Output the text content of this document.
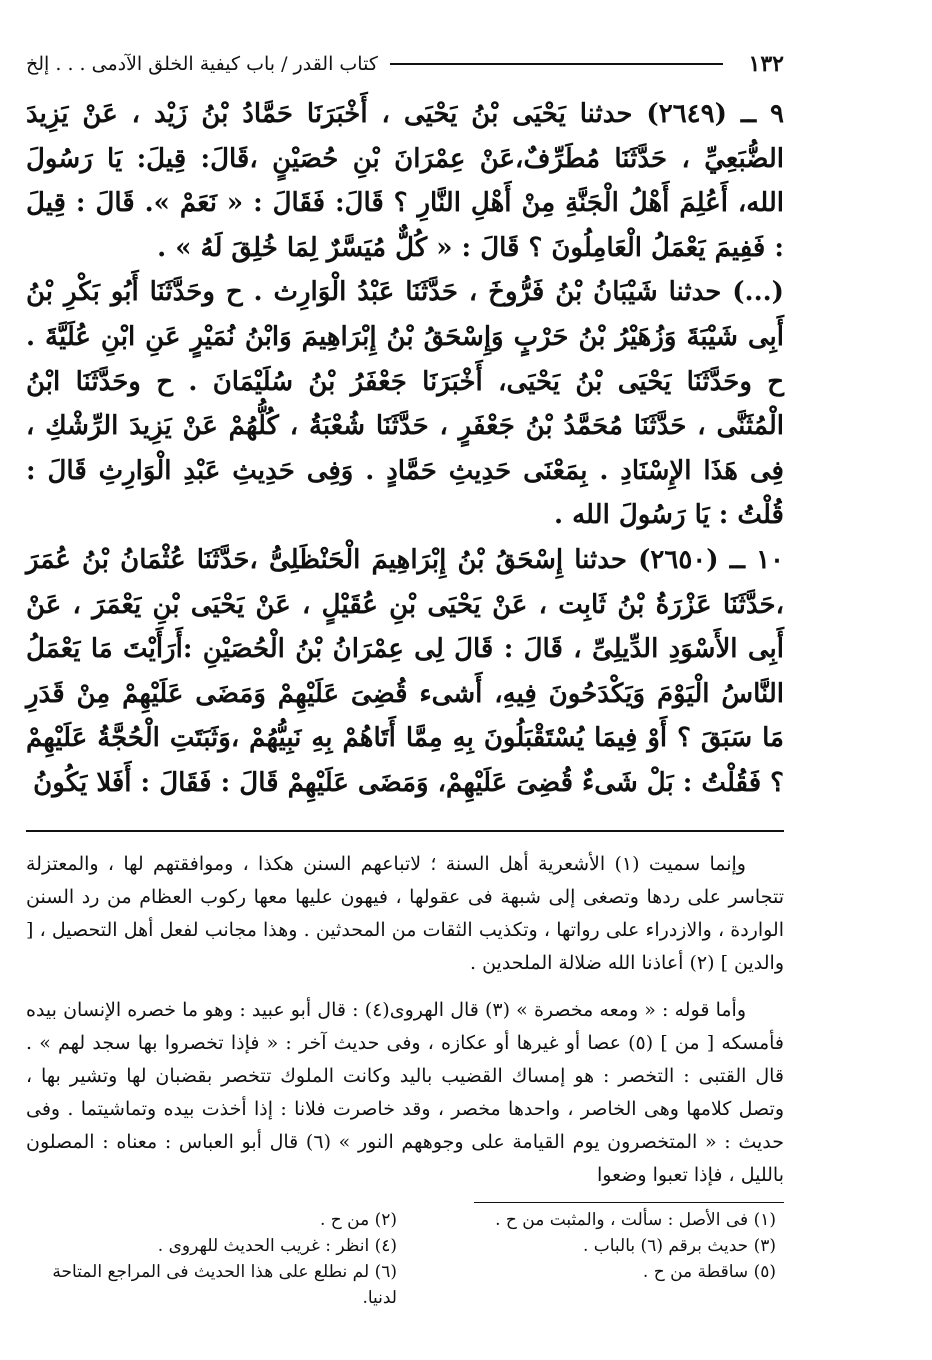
١٣٢
كتاب القدر / باب كيفية الخلق الآدمى . . . إلخ

٩ ــ (٢٦٤٩) حدثنا يَحْيَى بْنُ يَحْيَى ، أَخْبَرَنَا حَمَّادُ بْنُ زَيْد ، عَنْ يَزِيدَ الضُّبَعِيِّ ، حَدَّثَنَا مُطَرِّفٌ،عَنْ عِمْرَانَ بْنِ حُصَيْنٍ ،قَالَ: قِيلَ: يَا رَسُولَ الله، أَعُلِمَ أَهْلُ الْجَنَّةِ مِنْ أَهْلِ النَّارِ ؟ قَالَ: فَقَالَ : « نَعَمْ ». قَالَ : قِيلَ : فَفِيمَ يَعْمَلُ الْعَامِلُونَ ؟ قَالَ : « كُلٌّ مُيَسَّرٌ لِمَا خُلِقَ لَهُ » .

(...) حدثنا شَيْبَانُ بْنُ فَرُّوخَ ، حَدَّثَنَا عَبْدُ الْوَارِث . ح وحَدَّثَنَا أَبُو بَكْرِ بْنُ أَبِى شَيْبَةَ وَزُهَيْرُ بْنُ حَرْبٍ وَإِسْحَقُ بْنُ إِبْرَاهِيمَ وَابْنُ نُمَيْرٍ عَنِ ابْنِ عُلَيَّةَ . ح وحَدَّثَنَا يَحْيَى بْنُ يَحْيَى، أَخْبَرَنَا جَعْفَرُ بْنُ سُلَيْمَانَ . ح وحَدَّثَنَا ابْنُ الْمُثَنَّى ، حَدَّثَنَا مُحَمَّدُ بْنُ جَعْفَرٍ ، حَدَّثَنَا شُعْبَةُ ، كُلُّهُمْ عَنْ يَزِيدَ الرِّشْكِ ، فِى هَذَا الإِسْنَادِ . بِمَعْنَى حَدِيثِ حَمَّادٍ . وَفِى حَدِيثِ عَبْدِ الْوَارِثِ قَالَ : قُلْتُ : يَا رَسُولَ الله .

١٠ ــ (٢٦٥٠) حدثنا إِسْحَقُ بْنُ إِبْرَاهِيمَ الْحَنْظَلِىُّ ،حَدَّثَنَا عُثْمَانُ بْنُ عُمَرَ ،حَدَّثَنَا عَزْرَةُ بْنُ ثَابِت ، عَنْ يَحْيَى بْنِ عُقَيْلٍ ، عَنْ يَحْيَى بْنِ يَعْمَرَ ، عَنْ أَبِى الأَسْوَدِ الدِّيلِىِّ ، قَالَ : قَالَ لِى عِمْرَانُ بْنُ الْحُصَيْنِ :أَرَأَيْتَ مَا يَعْمَلُ النَّاسُ الْيَوْمَ وَيَكْدَحُونَ فِيهِ، أَشىء قُضِىَ عَلَيْهِمْ وَمَضَى عَلَيْهِمْ مِنْ قَدَرِ مَا سَبَقَ ؟ أَوْ فِيمَا يُسْتَقْبَلُونَ بِهِ مِمَّا أَتَاهُمْ بِهِ نَبِيُّهُمْ ،وَثَبَتَتِ الْحُجَّةُ عَلَيْهِمْ ؟ فَقُلْتُ : بَلْ شَىءٌ قُضِىَ عَلَيْهِمْ، وَمَضَى عَلَيْهِمْ قَالَ : فَقَالَ : أَفَلا يَكُونُ

وإنما سميت (١) الأشعرية أهل السنة ؛ لاتباعهم السنن هكذا ، وموافقتهم لها ، والمعتزلة تتجاسر على ردها وتصغى إلى شبهة فى عقولها ، فيهون عليها معها ركوب العظام من رد السنن الواردة ، والازدراء على رواتها ، وتكذيب الثقات من المحدثين . وهذا مجانب لفعل أهل التحصيل ، [ والدين ] (٢) أعاذنا الله ضلالة الملحدين .

وأما قوله : « ومعه مخصرة » (٣) قال الهروى(٤) : قال أبو عبيد : وهو ما خصره الإنسان بيده فأمسكه [ من ] (٥) عصا أو غيرها أو عكازه ، وفى حديث آخر : « فإذا تخصروا بها سجد لهم » . قال القتبى : التخصر : هو إمساك القضيب باليد وكانت الملوك تتخصر بقضبان لها وتشير بها ، وتصل كلامها وهى الخاصر ، واحدها مخصر ، وقد خاصرت فلانا : إذا أخذت بيده وتماشيتما . وفى حديث : « المتخصرون يوم القيامة على وجوههم النور » (٦) قال أبو العباس : معناه : المصلون بالليل ، فإذا تعبوا وضعوا

(١) فى الأصل : سألت ، والمثبت من ح .
(٢) من ح .
(٣) حديث برقم (٦) بالباب .
(٤) انظر : غريب الحديث للهروى .
(٥) ساقطة من ح .
(٦) لم نطلع على هذا الحديث فى المراجع المتاحة لدنيا.
